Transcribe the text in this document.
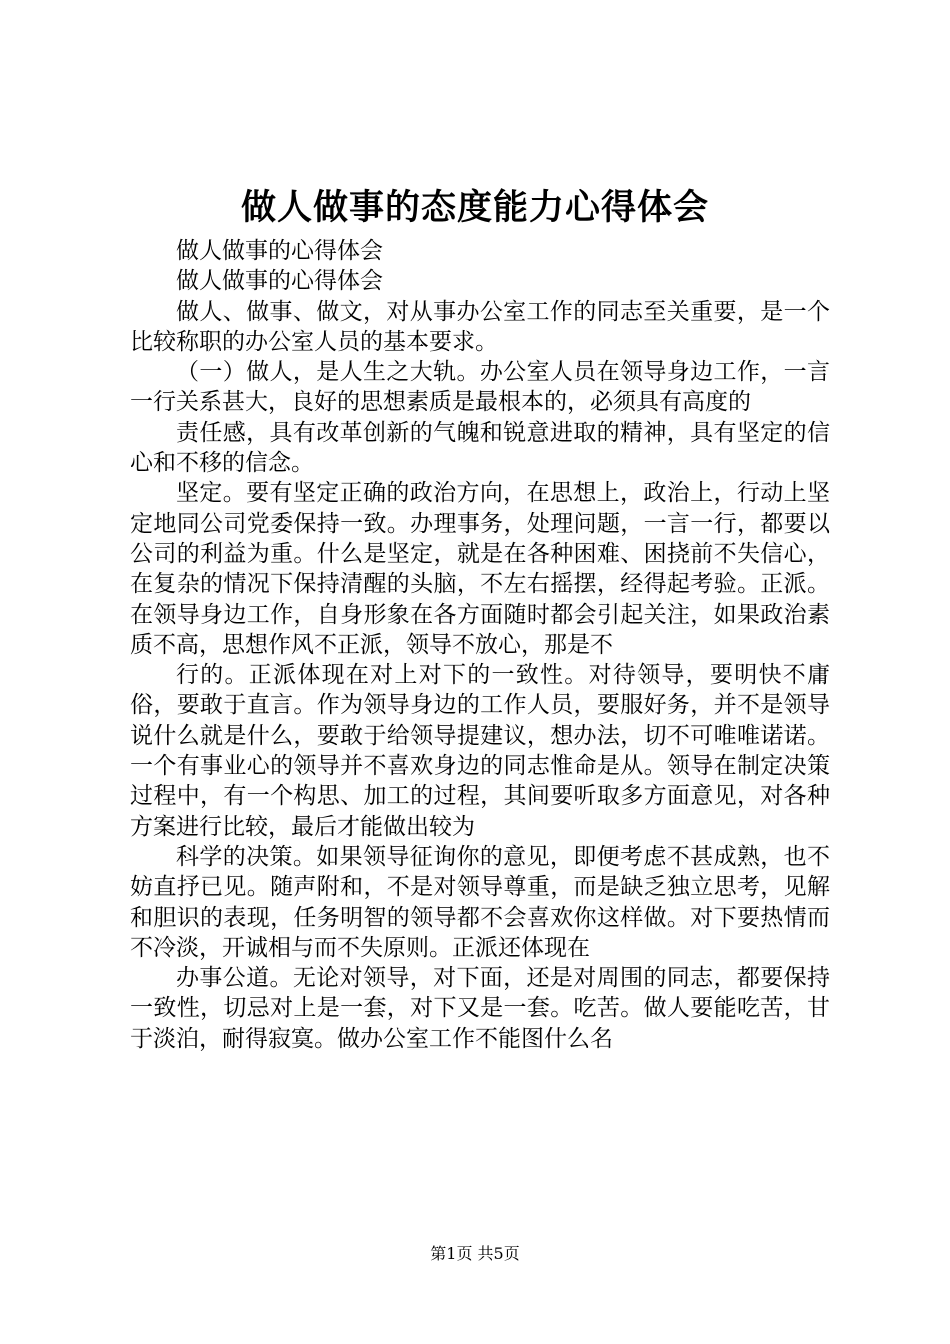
做人做事的态度能力心得体会

做人做事的心得体会

做人做事的心得体会

做人、做事、做文，对从事办公室工作的同志至关重要，是一个比较称职的办公室人员的基本要求。

（一）做人，是人生之大轨。办公室人员在领导身边工作，一言一行关系甚大，良好的思想素质是最根本的，必须具有高度的

责任感，具有改革创新的气魄和锐意进取的精神，具有坚定的信心和不移的信念。

坚定。要有坚定正确的政治方向，在思想上，政治上，行动上坚定地同公司党委保持一致。办理事务，处理问题，一言一行，都要以公司的利益为重。什么是坚定，就是在各种困难、困挠前不失信心，在复杂的情况下保持清醒的头脑，不左右摇摆，经得起考验。正派。在领导身边工作，自身形象在各方面随时都会引起关注，如果政治素质不高，思想作风不正派，领导不放心，那是不

行的。正派体现在对上对下的一致性。对待领导，要明快不庸俗，要敢于直言。作为领导身边的工作人员，要服好务，并不是领导说什么就是什么，要敢于给领导提建议，想办法，切不可唯唯诺诺。一个有事业心的领导并不喜欢身边的同志惟命是从。领导在制定决策过程中，有一个构思、加工的过程，其间要听取多方面意见，对各种方案进行比较，最后才能做出较为

科学的决策。如果领导征询你的意见，即便考虑不甚成熟，也不妨直抒已见。随声附和，不是对领导尊重，而是缺乏独立思考，见解和胆识的表现，任务明智的领导都不会喜欢你这样做。对下要热情而不冷淡，开诚相与而不失原则。正派还体现在

办事公道。无论对领导，对下面，还是对周围的同志，都要保持一致性，切忌对上是一套，对下又是一套。吃苦。做人要能吃苦，甘于淡泊，耐得寂寞。做办公室工作不能图什么名

第1页 共5页
